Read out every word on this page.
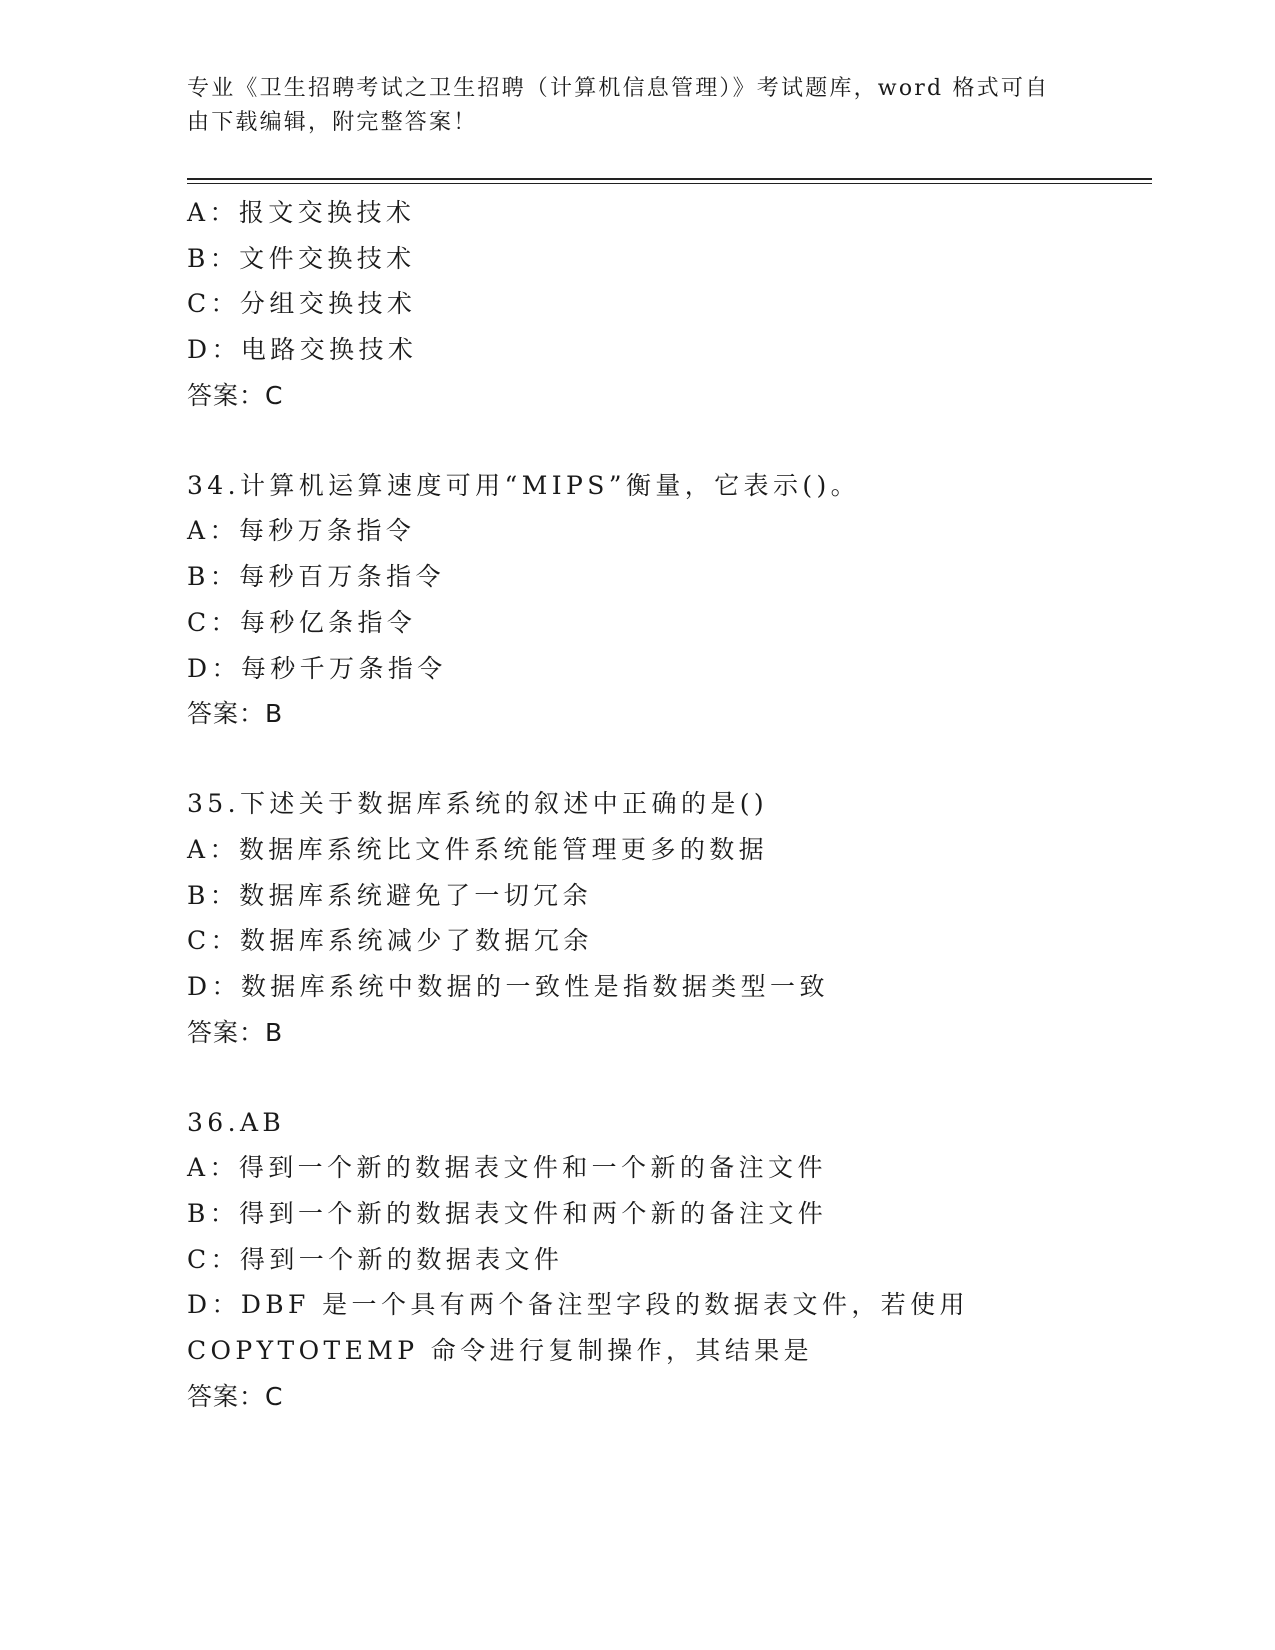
专业《卫生招聘考试之卫生招聘（计算机信息管理）》考试题库，word 格式可自由下载编辑，附完整答案！
A：报文交换技术
B：文件交换技术
C：分组交换技术
D：电路交换技术
答案：C
34.计算机运算速度可用“MIPS”衡量，它表示()。
A：每秒万条指令
B：每秒百万条指令
C：每秒亿条指令
D：每秒千万条指令
答案：B
35.下述关于数据库系统的叙述中正确的是()
A：数据库系统比文件系统能管理更多的数据
B：数据库系统避免了一切冗余
C：数据库系统减少了数据冗余
D：数据库系统中数据的一致性是指数据类型一致
答案：B
36.AB
A：得到一个新的数据表文件和一个新的备注文件
B：得到一个新的数据表文件和两个新的备注文件
C：得到一个新的数据表文件
D：DBF 是一个具有两个备注型字段的数据表文件，若使用 COPYTOTEMP 命令进行复制操作，其结果是
答案：C
